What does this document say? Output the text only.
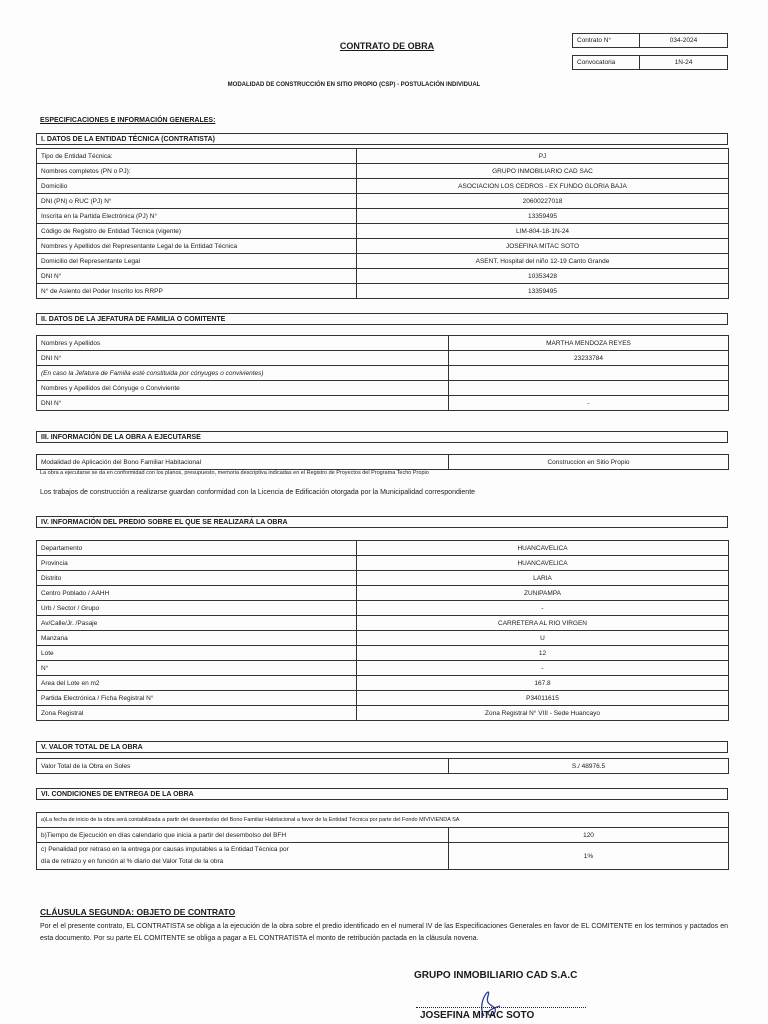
CONTRATO DE OBRA
Contrato N°	034-2024
Convocatoria	1N-24
MODALIDAD DE CONSTRUCCIÓN EN SITIO PROPIO (CSP) - POSTULACIÓN INDIVIDUAL
ESPECIFICACIONES E INFORMACIÓN GENERALES:
I. DATOS DE LA ENTIDAD TÉCNICA (CONTRATISTA)
Tipo de Entidad Técnica:	PJ
Nombres completos (PN o PJ):	GRUPO INMOBILIARIO CAD SAC
Domicilio	ASOCIACION LOS CEDROS - EX FUNDO GLORIA BAJA
DNI (PN) o RUC (PJ) N°	20600227018
Inscrita en la Partida Electrónica (PJ) N°	13359495
Código de Registro de Entidad Técnica (vigente)	LIM-804-18-1N-24
Nombres y Apellidos del Representante Legal de la Entidad Técnica	JOSEFINA MITAC SOTO
Domicilio del Representante Legal	ASENT. Hospital del niño 12-19 Canto Grande
DNI N°	10353428
N° de Asiento del Poder Inscrito los RRPP	13359495
II. DATOS DE LA JEFATURA DE FAMILIA O COMITENTE
Nombres y Apellidos	MARTHA MENDOZA REYES
DNI N°	23233784
(En caso la Jefatura de Familia esté constituida por cónyuges o convivientes)	
Nombres y Apellidos del Cónyuge o Conviviente	
DNI N°	-
III. INFORMACIÓN DE LA OBRA A EJECUTARSE
Modalidad de Aplicación del Bono Familiar Habitacional	Construccion en Sitio Propio
La obra a ejecutarse se da en conformidad con los planos, presupuesto, memoria descriptiva indicadas en el Registro de Proyectos del Programa Techo Propio
Los trabajos de construcción a realizarse guardan conformidad con la Licencia de Edificación otorgada por la Municipalidad correspondiente
IV. INFORMACIÓN DEL PREDIO SOBRE EL QUE SE REALIZARÁ LA OBRA
Departamento	HUANCAVELICA
Provincia	HUANCAVELICA
Distrito	LARIA
Centro Poblado / AAHH	ZUNIPAMPA
Urb / Sector / Grupo	-
Av/Calle/Jr. /Pasaje	CARRETERA AL RIO VIRGEN
Manzana	U
Lote	12
N°	-
Area del Lote en m2	167.8
Partida Electrónica / Ficha Registral N°	P34011615
Zona Registral	Zona Registral N° VIII - Sede Huancayo
V. VALOR TOTAL DE LA OBRA
Valor Total de la Obra en Soles	S./ 48976.5
VI. CONDICIONES DE ENTREGA DE LA OBRA
a)La fecha de inicio de la obra será contabilizada a partir del desembolso del Bono Familiar Habitacional a favor de la Entidad Técnica por parte del Fondo MIVIVIENDA SA	
b)Tiempo de Ejecución en días calendario que inicia a partir del desembolso del BFH	120
c) Penalidad por retraso en la entrega por causas imputables a la Entidad Técnica por
día de retrazo y en función al % diario del Valor Total de la obra	1%
CLÁUSULA SEGUNDA: OBJETO DE CONTRATO
Por el el presente contrato, EL CONTRATISTA se obliga a la ejecución de la obra sobre el predio identificado en el numeral IV de las Especificaciones Generales en favor de EL COMITENTE en los terminos y pactados en esta documento. Por su parte EL COMITENTE se obliga a pagar a EL CONTRATISTA el monto de retribución pactada en la cláusula novena.
GRUPO INMOBILIARIO CAD S.A.C
JOSEFINA MITAC SOTO
